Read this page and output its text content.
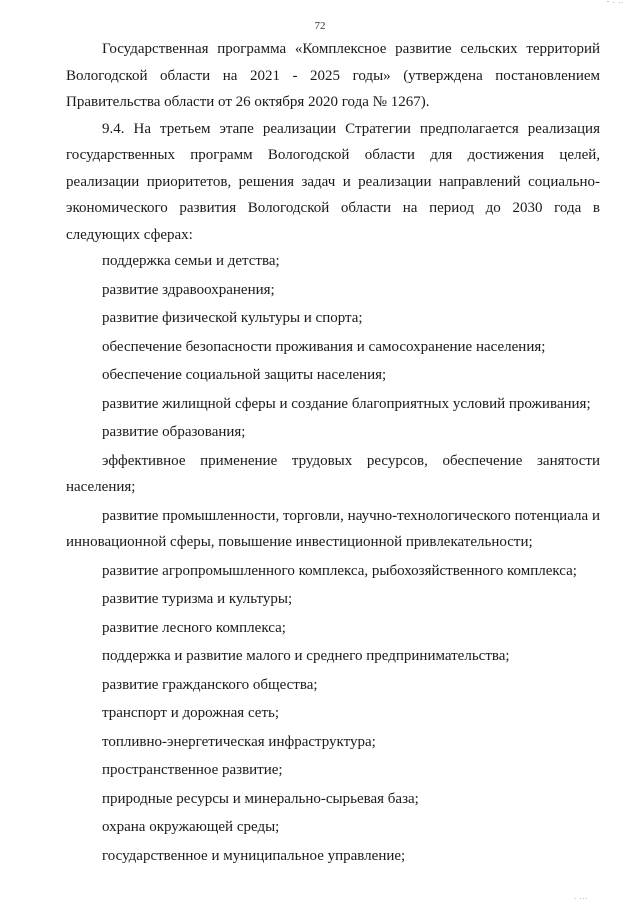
- . ..
72

Государственная программа «Комплексное развитие сельских территорий Вологодской области на 2021 - 2025 годы» (утверждена постановлением Правительства области от 26 октября 2020 года № 1267).

9.4. На третьем этапе реализации Стратегии предполагается реализация государственных программ Вологодской области для достижения целей, реализации приоритетов, решения задач и реализации направлений социально-экономического развития Вологодской области на период до 2030 года в следующих сферах:

поддержка семьи и детства;

развитие здравоохранения;

развитие физической культуры и спорта;

обеспечение безопасности проживания и самосохранение населения;

обеспечение социальной защиты населения;

развитие жилищной сферы и создание благоприятных условий проживания;

развитие образования;

эффективное применение трудовых ресурсов, обеспечение занятости населения;

развитие промышленности, торговли, научно-технологического потенциала и инновационной сферы, повышение инвестиционной привлекательности;

развитие агропромышленного комплекса, рыбохозяйственного комплекса;

развитие туризма и культуры;

развитие лесного комплекса;

поддержка и развитие малого и среднего предпринимательства;

развитие гражданского общества;

транспорт и дорожная сеть;

топливно-энергетическая инфраструктура;

пространственное развитие;

природные ресурсы и минерально-сырьевая база;

охрана окружающей среды;

государственное и муниципальное управление;

. ...
